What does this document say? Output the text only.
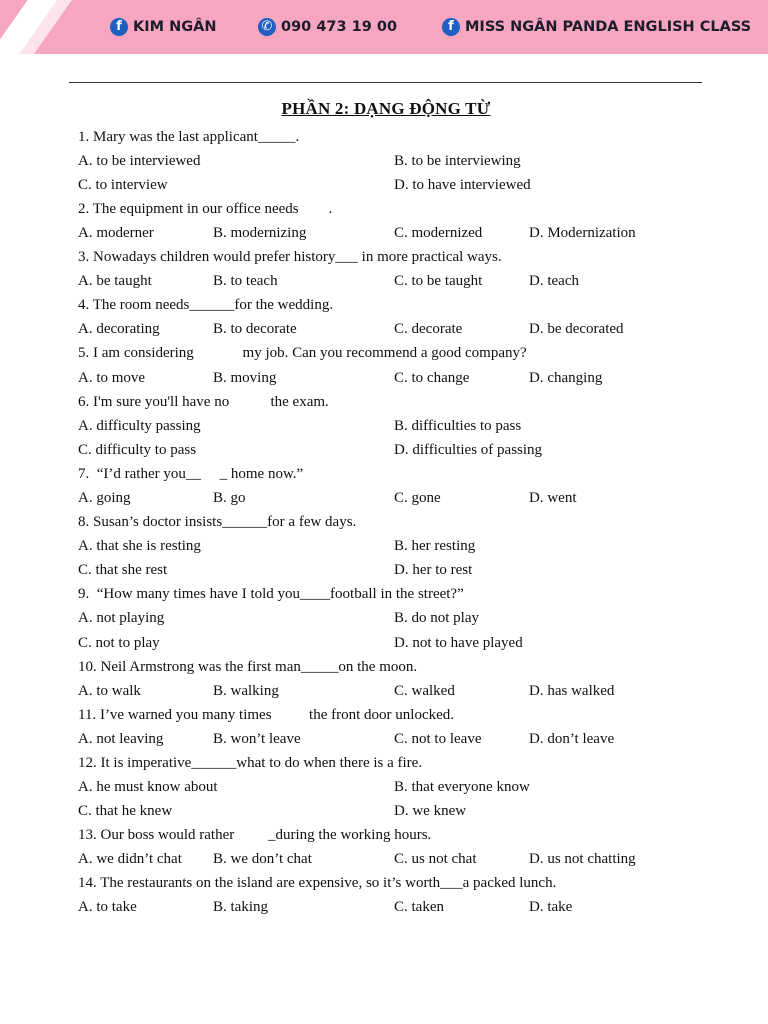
f KIM NGÂN	✆ 090 473 19 00	f MISS NGÂN PANDA ENGLISH CLASS
PHẦN 2: DẠNG ĐỘNG TỪ
1. Mary was the last applicant_____.
A. to be interviewed	B. to be interviewing
C. to interview	D. to have interviewed
2. The equipment in our office needs        .
A. moderner	B. modernizing	C. modernized	D. Modernization
3. Nowadays children would prefer history___ in more practical ways.
A. be taught	B. to teach	C. to be taught	D. teach
4. The room needs______for the wedding.
A. decorating	B. to decorate	C. decorate	D. be decorated
5. I am considering             my job. Can you recommend a good company?
A. to move	B. moving	C. to change	D. changing
6. I'm sure you'll have no           the exam.
A. difficulty passing	B. difficulties to pass
C. difficulty to pass	D. difficulties of passing
7.  “I’d rather you__     _ home now.”
A. going	B. go	C. gone	D. went
8. Susan’s doctor insists______for a few days.
A. that she is resting	B. her resting
C. that she rest	D. her to rest
9.  “How many times have I told you____football in the street?”
A. not playing	B. do not play
C. not to play	D. not to have played
10. Neil Armstrong was the first man_____on the moon.
A. to walk	B. walking	C. walked	D. has walked
11. I’ve warned you many times          the front door unlocked.
A. not leaving	B. won’t leave	C. not to leave	D. don’t leave
12. It is imperative______what to do when there is a fire.
A. he must know about	B. that everyone know
C. that he knew	D. we knew
13. Our boss would rather         _during the working hours.
A. we didn’t chat B. we don’t chat	C. us not chat	D. us not chatting
14. The restaurants on the island are expensive, so it’s worth___a packed lunch.
A. to take	B. taking	C. taken	D. take
